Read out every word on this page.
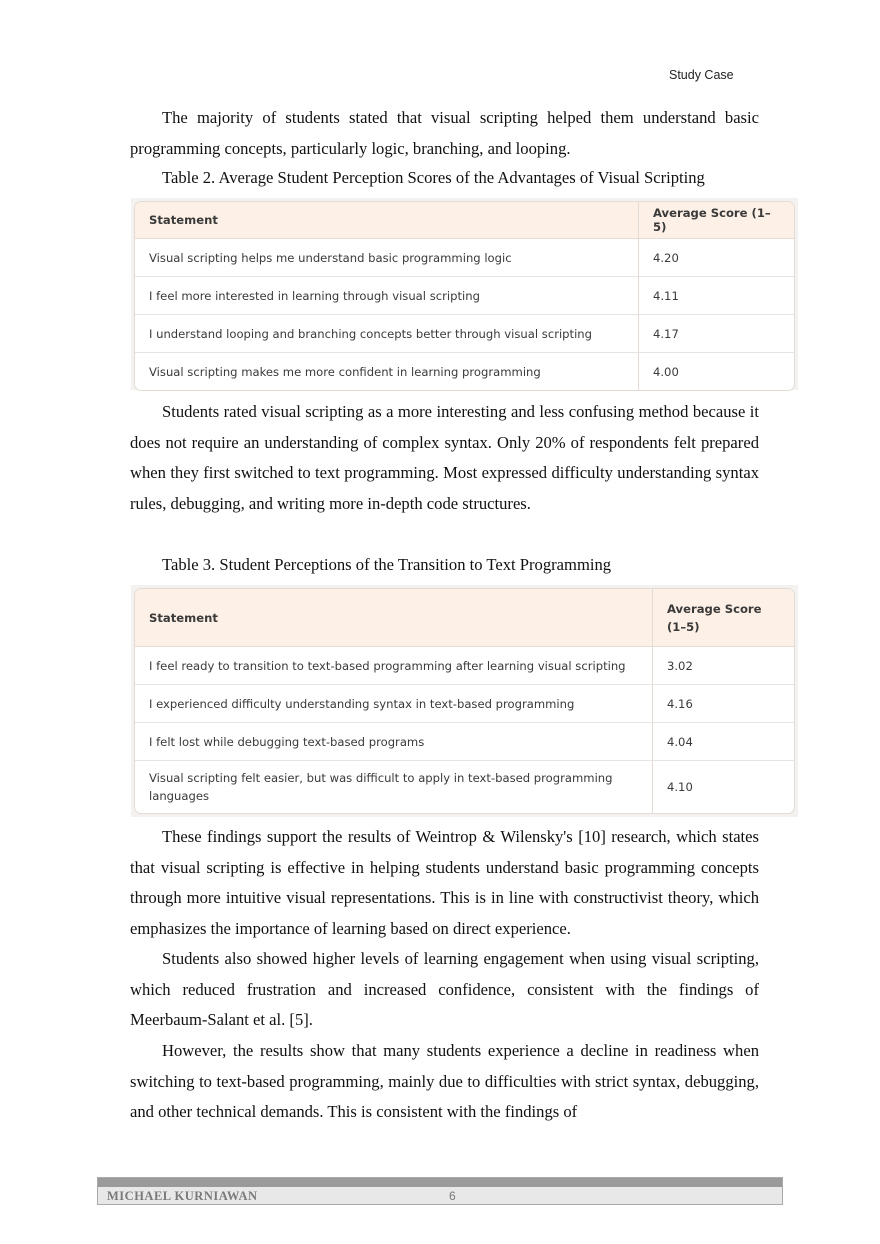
Study Case

The majority of students stated that visual scripting helped them understand basic programming concepts, particularly logic, branching, and looping.

Table 2. Average Student Perception Scores of the Advantages of Visual Scripting

Statement	Average Score (1–5)
Visual scripting helps me understand basic programming logic	4.20
I feel more interested in learning through visual scripting	4.11
I understand looping and branching concepts better through visual scripting	4.17
Visual scripting makes me more confident in learning programming	4.00

Students rated visual scripting as a more interesting and less confusing method because it does not require an understanding of complex syntax. Only 20% of respondents felt prepared when they first switched to text programming. Most expressed difficulty understanding syntax rules, debugging, and writing more in-depth code structures.

Table 3. Student Perceptions of the Transition to Text Programming

Statement	Average Score (1–5)
I feel ready to transition to text-based programming after learning visual scripting	3.02
I experienced difficulty understanding syntax in text-based programming	4.16
I felt lost while debugging text-based programs	4.04
Visual scripting felt easier, but was difficult to apply in text-based programming languages	4.10

These findings support the results of Weintrop & Wilensky's [10] research, which states that visual scripting is effective in helping students understand basic programming concepts through more intuitive visual representations. This is in line with constructivist theory, which emphasizes the importance of learning based on direct experience.

Students also showed higher levels of learning engagement when using visual scripting, which reduced frustration and increased confidence, consistent with the findings of Meerbaum-Salant et al. [5].

However, the results show that many students experience a decline in readiness when switching to text-based programming, mainly due to difficulties with strict syntax, debugging, and other technical demands. This is consistent with the findings of

MICHAEL KURNIAWAN	6
